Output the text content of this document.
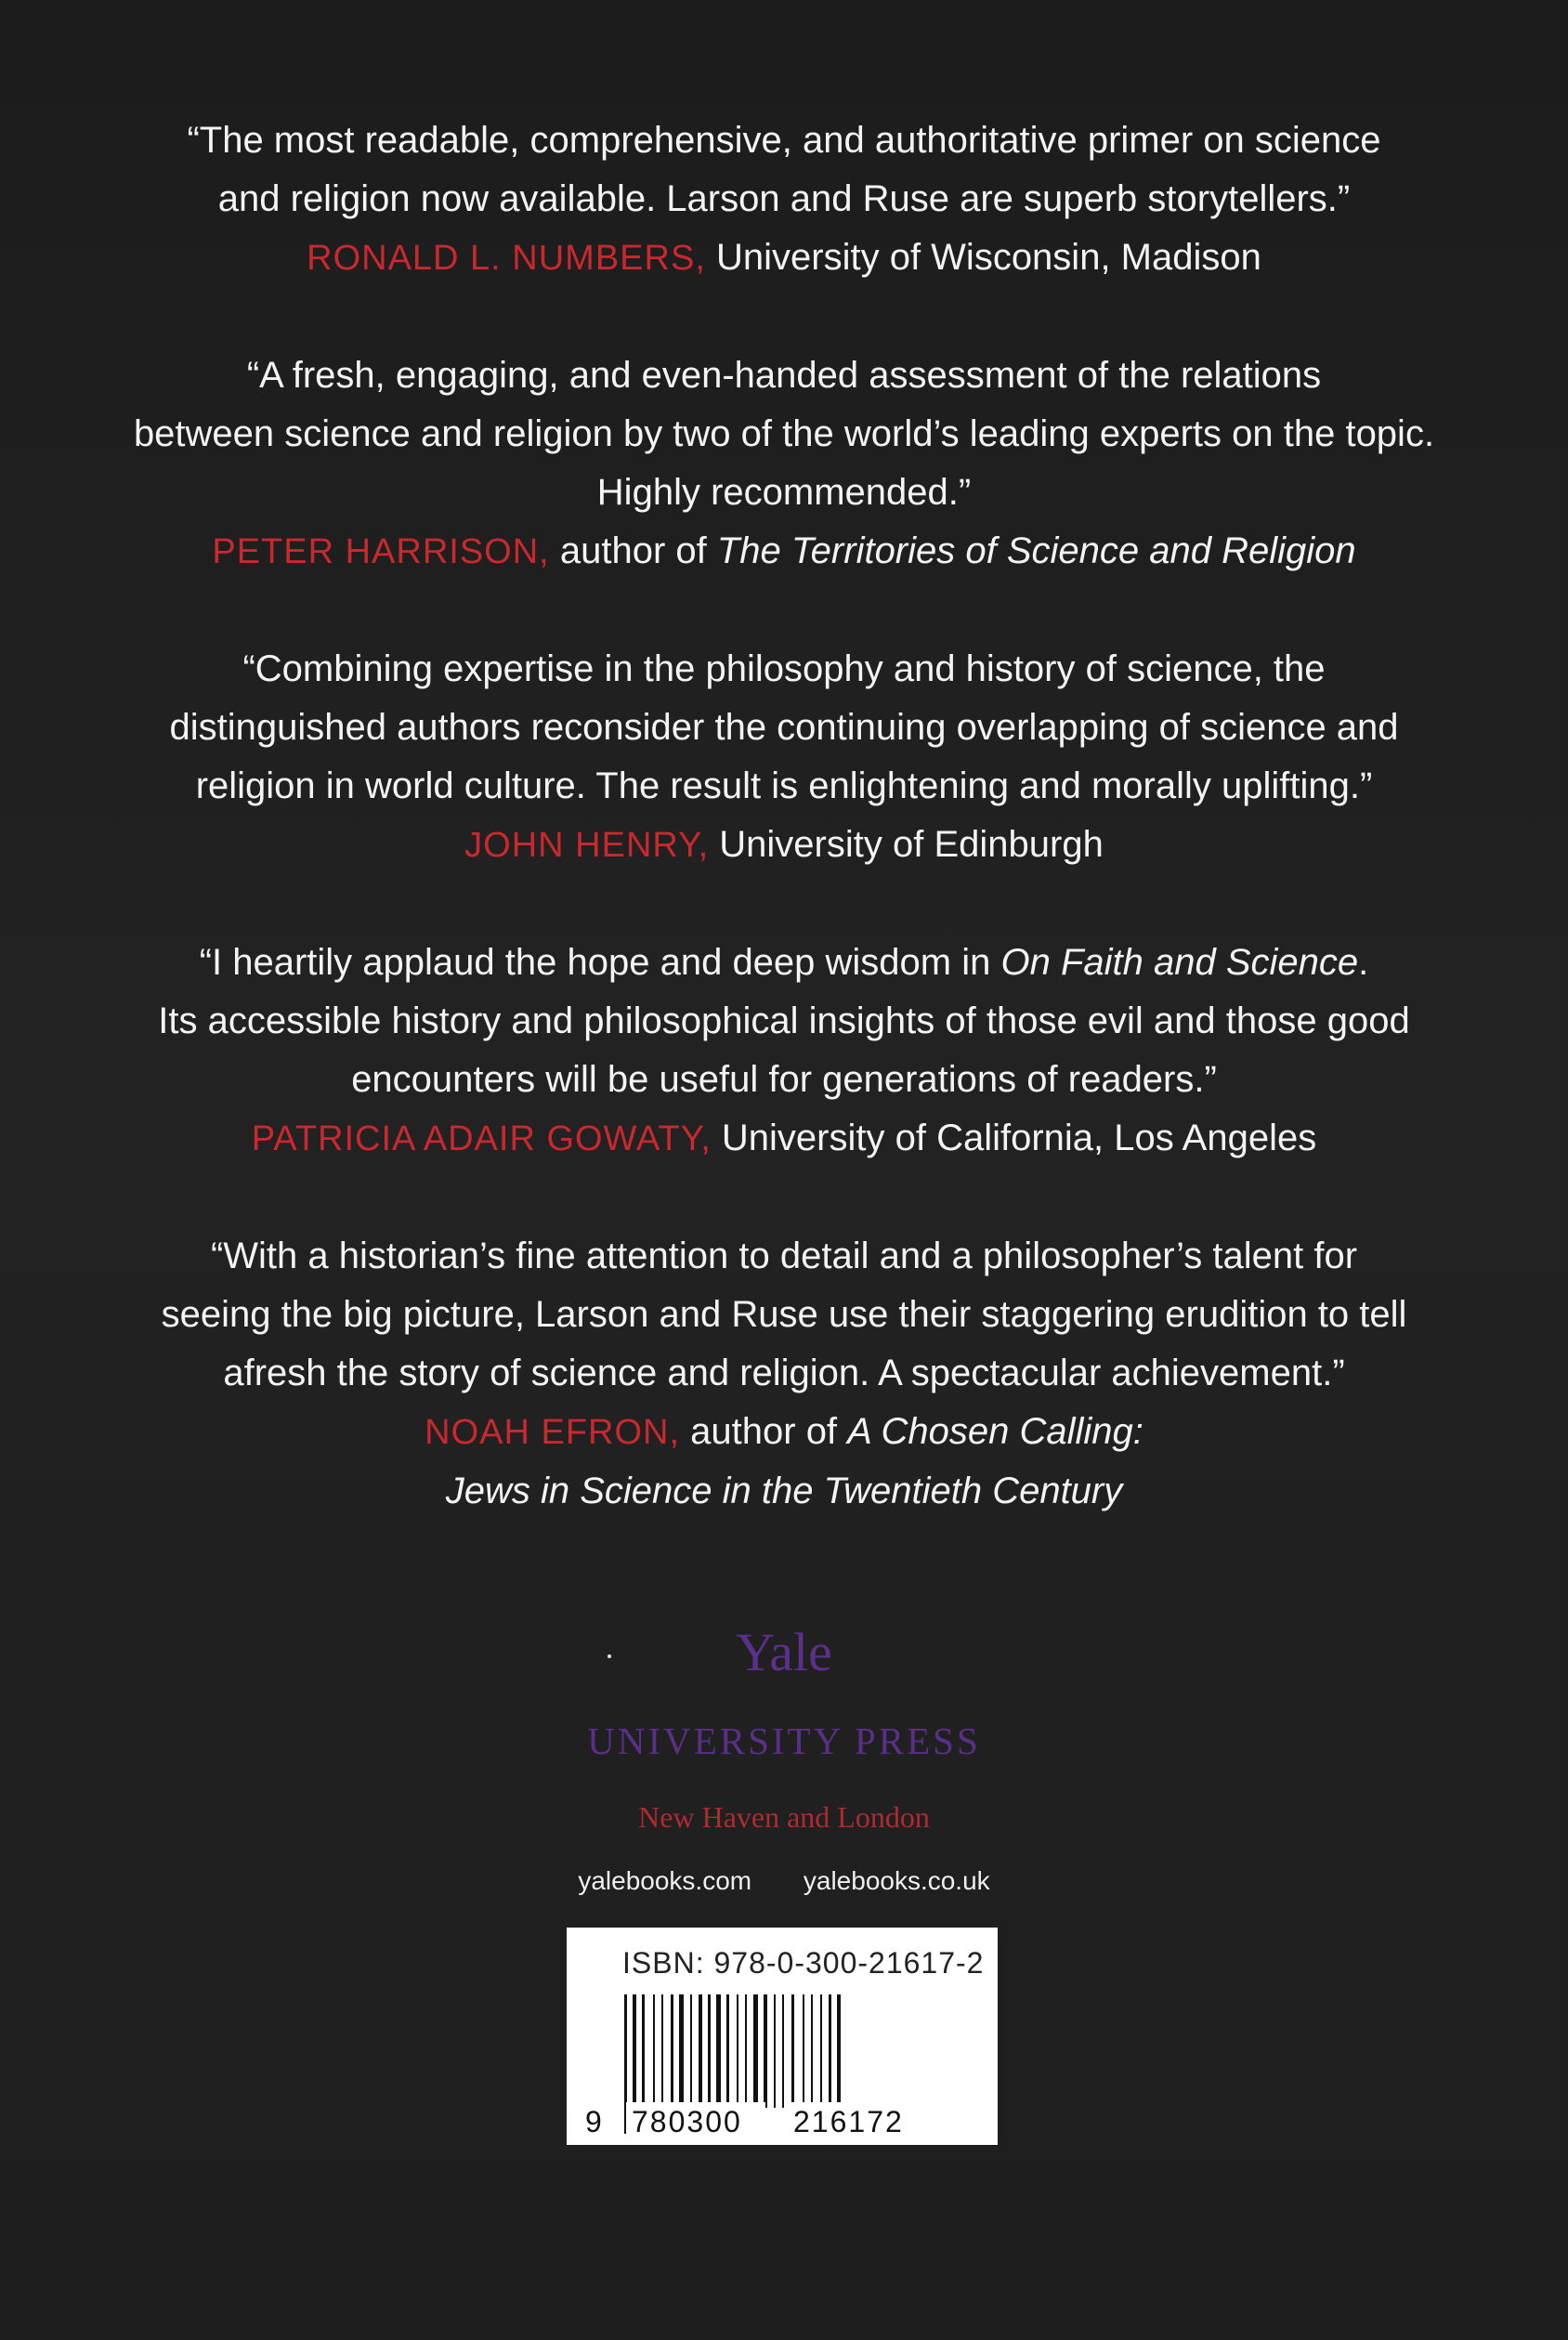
“The most readable, comprehensive, and authoritative primer on science
and religion now available. Larson and Ruse are superb storytellers.”
RONALD L. NUMBERS, University of Wisconsin, Madison
“A fresh, engaging, and even-handed assessment of the relations
between science and religion by two of the world’s leading experts on the topic.
Highly recommended.”
PETER HARRISON, author of The Territories of Science and Religion
“Combining expertise in the philosophy and history of science, the
distinguished authors reconsider the continuing overlapping of science and
religion in world culture. The result is enlightening and morally uplifting.”
JOHN HENRY, University of Edinburgh
“I heartily applaud the hope and deep wisdom in On Faith and Science.
Its accessible history and philosophical insights of those evil and those good
encounters will be useful for generations of readers.”
PATRICIA ADAIR GOWATY, University of California, Los Angeles
“With a historian’s fine attention to detail and a philosopher’s talent for
seeing the big picture, Larson and Ruse use their staggering erudition to tell
afresh the story of science and religion. A spectacular achievement.”
NOAH EFRON, author of A Chosen Calling:
Jews in Science in the Twentieth Century
Yale
UNIVERSITY PRESS
New Haven and London
yalebooks.com yalebooks.co.uk
ISBN: 978-0-300-21617-2
9 780300 216172
